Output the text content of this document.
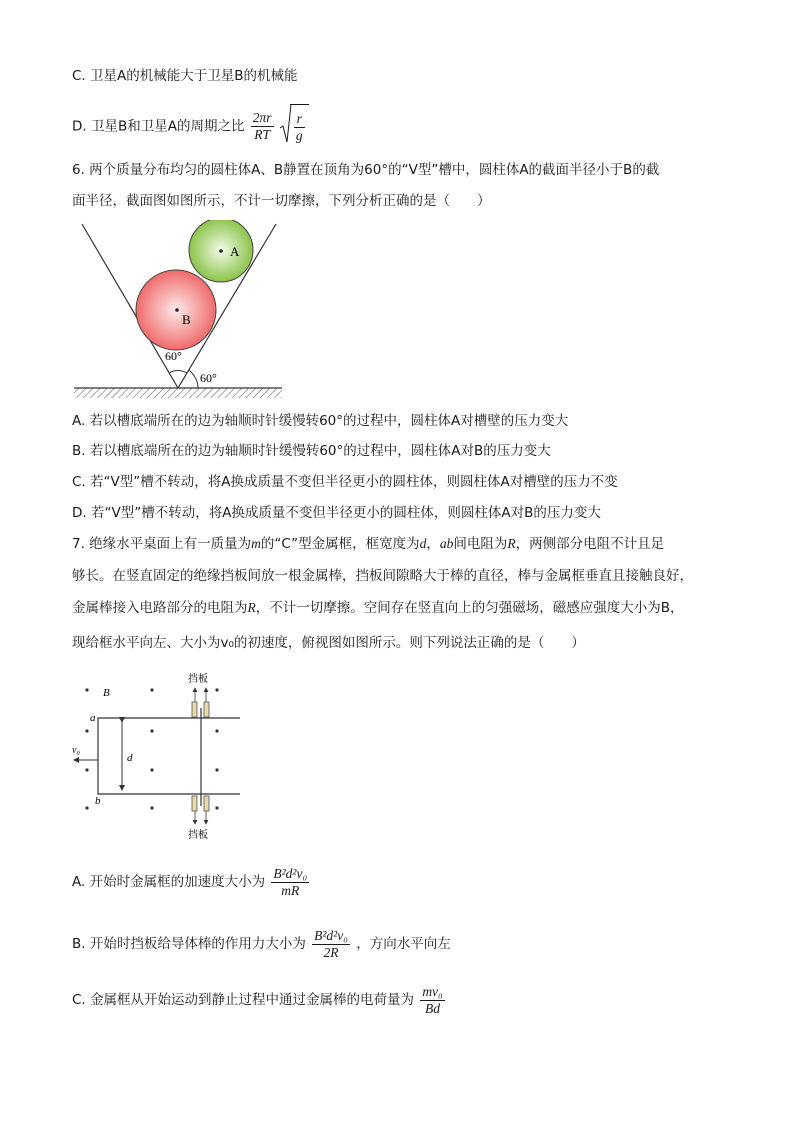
C. 卫星A的机械能大于卫星B的机械能
D. 卫星B和卫星A的周期之比 $\frac{2\pi r}{RT}$
$\frac{r}{g}$
6. 两个质量分布均匀的圆柱体A、B静置在顶角为60°的“V型”槽中，圆柱体A的截面半径小于B的截
面半径，截面图如图所示，不计一切摩擦，下列分析正确的是（　　）
A
B
60°
60°
A. 若以槽底端所在的边为轴顺时针缓慢转60°的过程中，圆柱体A对槽壁的压力变大
B. 若以槽底端所在的边为轴顺时针缓慢转60°的过程中，圆柱体A对B的压力变大
C. 若“V型”槽不转动，将A换成质量不变但半径更小的圆柱体，则圆柱体A对槽壁的压力不变
D. 若“V型”槽不转动，将A换成质量不变但半径更小的圆柱体，则圆柱体A对B的压力变大
7. 绝缘水平桌面上有一质量为m的“C”型金属框，框宽度为d，ab间电阻为R，两侧部分电阻不计且足
够长。在竖直固定的绝缘挡板间放一根金属棒，挡板间隙略大于棒的直径，棒与金属框垂直且接触良好，
金属棒接入电路部分的电阻为R，不计一切摩擦。空间存在竖直向上的匀强磁场，磁感应强度大小为B，
现给框水平向左、大小为v₀的初速度，俯视图如图所示。则下列说法正确的是（　　）
B
a
b
d
v₀
挡板
挡板
A. 开始时金属框的加速度大小为 $\frac{\text{B²d²v₀}}{mR}$
B. 开始时挡板给导体棒的作用力大小为 $\frac{\text{B²d²v₀}}{2R}$ ，方向水平向左
C. 金属框从开始运动到静止过程中通过金属棒的电荷量为 $\frac{\text{mv₀}}{Bd}$
